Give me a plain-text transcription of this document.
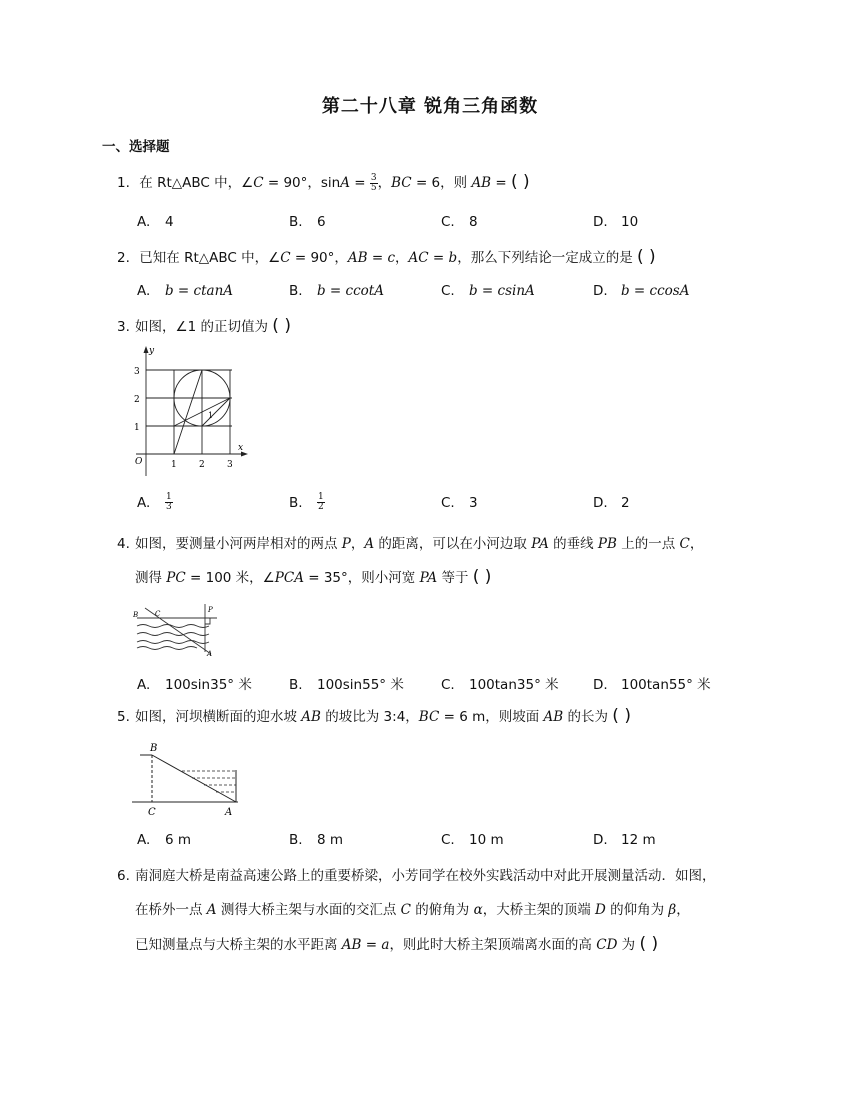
第二十八章 锐角三角函数
一、选择题
1. 在 Rt△ABC 中，∠C = 90°，$\sin A = \frac{3}{5}$ ，BC = 6，则 AB = ( )
A. 4	B. 6	C. 8	D. 10
2. 已知在 Rt△ABC 中，∠C = 90°，AB = c，AC = b，那么下列结论一定成立的是 ( )
A. b = ctanA	B. b = ccotA	C. b = csinA	D. b = ccosA
3. 如图，∠1 的正切值为 ( )
y
x
O	1 2 3
1
2
3
1
A. $\frac{1}{3}$	B. $\frac{1}{2}$	C. 3	D. 2
4. 如图，要测量小河两岸相对的两点 P，A 的距离，可以在小河边取 PA 的垂线 PB 上的一点 C，
测得 PC = 100 米，∠PCA = 35°，则小河宽 PA 等于 ( )
B C	P
A
A. 100sin35° 米	B. 100sin55° 米	C. 100tan35° 米	D. 100tan55° 米
5. 如图，河坝横断面的迎水坡 AB 的坡比为 3:4，BC = 6 m，则坡面 AB 的长为 ( )
B
C	A
A. 6 m	B. 8 m	C. 10 m	D. 12 m
6. 南洞庭大桥是南益高速公路上的重要桥梁，小芳同学在校外实践活动中对此开展测量活动．如图，
在桥外一点 A 测得大桥主架与水面的交汇点 C 的俯角为 α，大桥主架的顶端 D 的仰角为 β，
已知测量点与大桥主架的水平距离 AB = a，则此时大桥主架顶端离水面的高 CD 为 ( )
